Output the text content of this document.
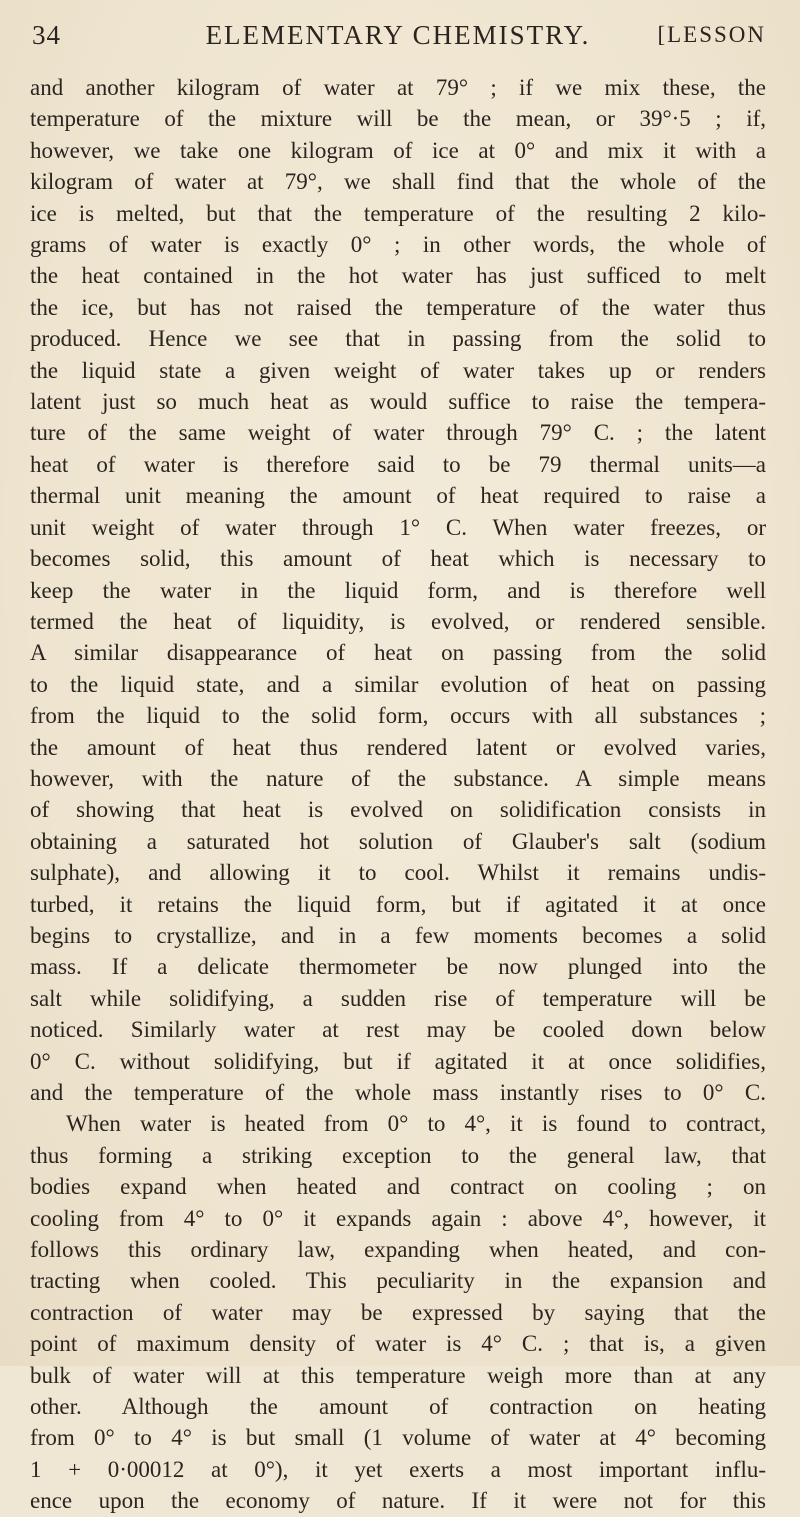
34	ELEMENTARY CHEMISTRY.	[LESSON
and another kilogram of water at 79° ; if we mix these, the
temperature of the mixture will be the mean, or 39°·5 ; if,
however, we take one kilogram of ice at 0° and mix it with a
kilogram of water at 79°, we shall find that the whole of the
ice is melted, but that the temperature of the resulting 2 kilo-
grams of water is exactly 0° ; in other words, the whole of
the heat contained in the hot water has just sufficed to melt
the ice, but has not raised the temperature of the water thus
produced. Hence we see that in passing from the solid to
the liquid state a given weight of water takes up or renders
latent just so much heat as would suffice to raise the tempera-
ture of the same weight of water through 79° C. ; the latent
heat of water is therefore said to be 79 thermal units—a
thermal unit meaning the amount of heat required to raise a
unit weight of water through 1° C. When water freezes, or
becomes solid, this amount of heat which is necessary to
keep the water in the liquid form, and is therefore well
termed the heat of liquidity, is evolved, or rendered sensible.
A similar disappearance of heat on passing from the solid
to the liquid state, and a similar evolution of heat on passing
from the liquid to the solid form, occurs with all substances ;
the amount of heat thus rendered latent or evolved varies,
however, with the nature of the substance. A simple means
of showing that heat is evolved on solidification consists in
obtaining a saturated hot solution of Glauber's salt (sodium
sulphate), and allowing it to cool. Whilst it remains undis-
turbed, it retains the liquid form, but if agitated it at once
begins to crystallize, and in a few moments becomes a solid
mass. If a delicate thermometer be now plunged into the
salt while solidifying, a sudden rise of temperature will be
noticed. Similarly water at rest may be cooled down below
0° C. without solidifying, but if agitated it at once solidifies,
and the temperature of the whole mass instantly rises to 0° C.
When water is heated from 0° to 4°, it is found to contract,
thus forming a striking exception to the general law, that
bodies expand when heated and contract on cooling ; on
cooling from 4° to 0° it expands again : above 4°, however, it
follows this ordinary law, expanding when heated, and con-
tracting when cooled. This peculiarity in the expansion and
contraction of water may be expressed by saying that the
point of maximum density of water is 4° C. ; that is, a given
bulk of water will at this temperature weigh more than at any
other. Although the amount of contraction on heating
from 0° to 4° is but small (1 volume of water at 4° becoming
1 + 0·00012 at 0°), it yet exerts a most important influ-
ence upon the economy of nature. If it were not for this
